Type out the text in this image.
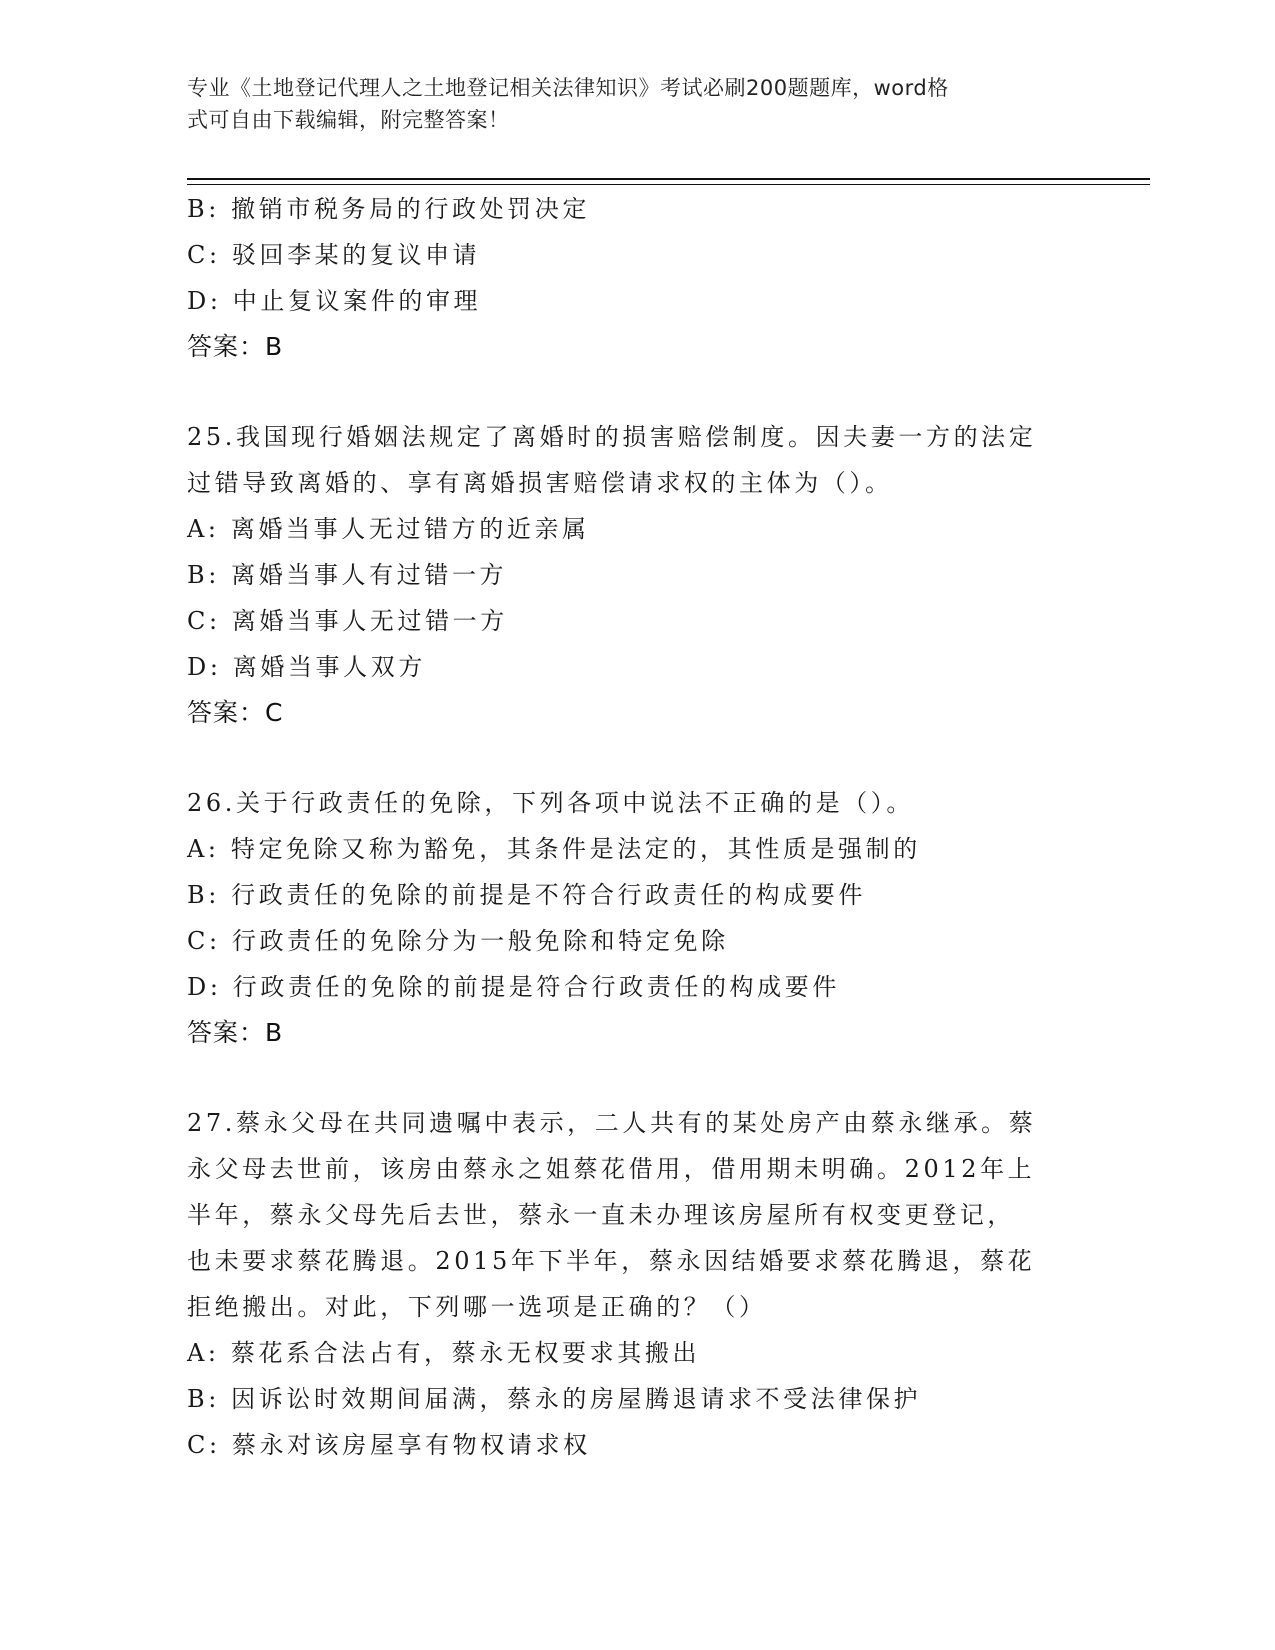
专业《土地登记代理人之土地登记相关法律知识》考试必刷200题题库，word格
式可自由下载编辑，附完整答案！
B: 撤销市税务局的行政处罚决定
C: 驳回李某的复议申请
D: 中止复议案件的审理
答案：B
25.我国现行婚姻法规定了离婚时的损害赔偿制度。因夫妻一方的法定
过错导致离婚的、享有离婚损害赔偿请求权的主体为（）。
A: 离婚当事人无过错方的近亲属
B: 离婚当事人有过错一方
C: 离婚当事人无过错一方
D: 离婚当事人双方
答案：C
26.关于行政责任的免除，下列各项中说法不正确的是（）。
A: 特定免除又称为豁免，其条件是法定的，其性质是强制的
B: 行政责任的免除的前提是不符合行政责任的构成要件
C: 行政责任的免除分为一般免除和特定免除
D: 行政责任的免除的前提是符合行政责任的构成要件
答案：B
27.蔡永父母在共同遗嘱中表示，二人共有的某处房产由蔡永继承。蔡
永父母去世前，该房由蔡永之姐蔡花借用，借用期未明确。2012年上
半年，蔡永父母先后去世，蔡永一直未办理该房屋所有权变更登记，
也未要求蔡花腾退。2015年下半年，蔡永因结婚要求蔡花腾退，蔡花
拒绝搬出。对此，下列哪一选项是正确的？（）
A: 蔡花系合法占有，蔡永无权要求其搬出
B: 因诉讼时效期间届满，蔡永的房屋腾退请求不受法律保护
C: 蔡永对该房屋享有物权请求权
